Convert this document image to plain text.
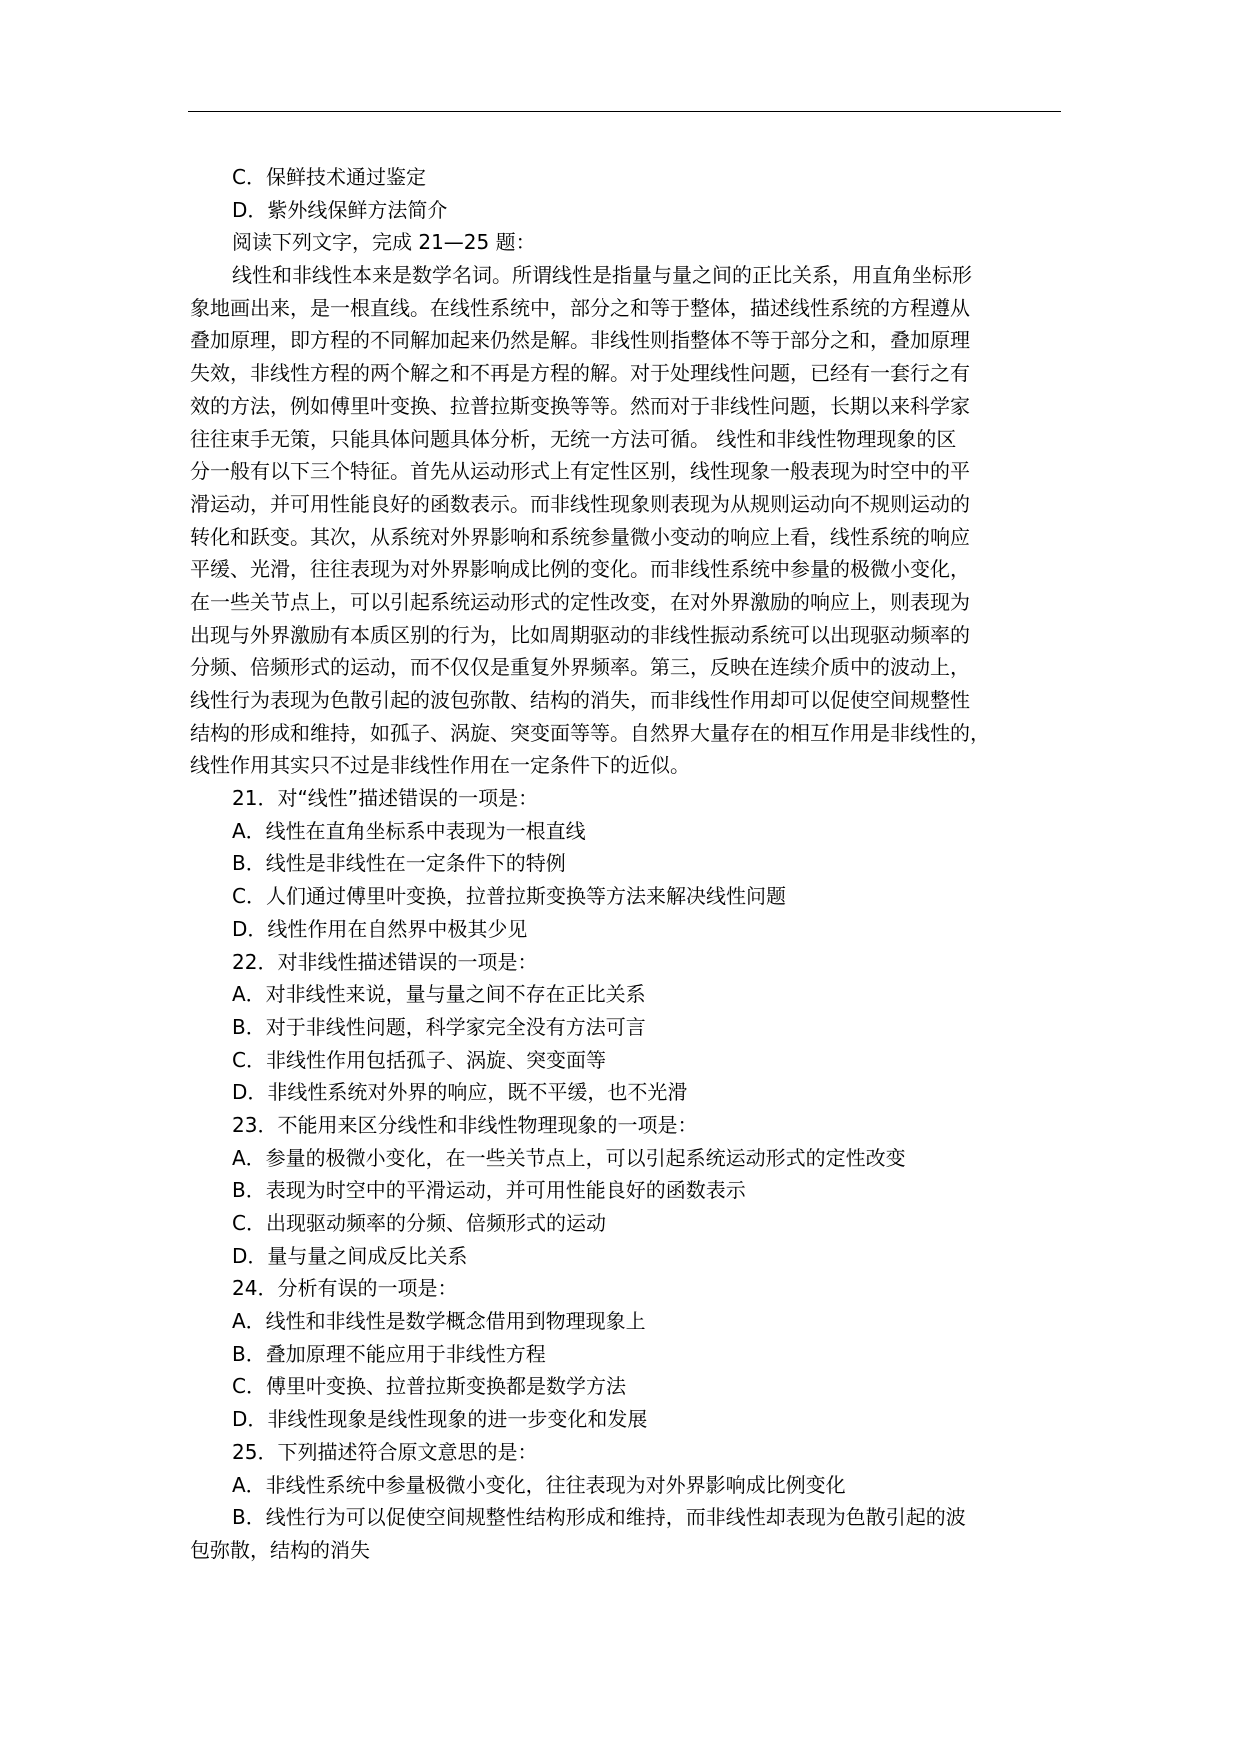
C．保鲜技术通过鉴定
D．紫外线保鲜方法简介
阅读下列文字，完成 21—25 题：
线性和非线性本来是数学名词。所谓线性是指量与量之间的正比关系，用直角坐标形
象地画出来，是一根直线。在线性系统中，部分之和等于整体，描述线性系统的方程遵从
叠加原理，即方程的不同解加起来仍然是解。非线性则指整体不等于部分之和，叠加原理
失效，非线性方程的两个解之和不再是方程的解。对于处理线性问题，已经有一套行之有
效的方法，例如傅里叶变换、拉普拉斯变换等等。然而对于非线性问题，长期以来科学家
往往束手无策，只能具体问题具体分析，无统一方法可循。 线性和非线性物理现象的区
分一般有以下三个特征。首先从运动形式上有定性区别，线性现象一般表现为时空中的平
滑运动，并可用性能良好的函数表示。而非线性现象则表现为从规则运动向不规则运动的
转化和跃变。其次，从系统对外界影响和系统参量微小变动的响应上看，线性系统的响应
平缓、光滑，往往表现为对外界影响成比例的变化。而非线性系统中参量的极微小变化，
在一些关节点上，可以引起系统运动形式的定性改变，在对外界激励的响应上，则表现为
出现与外界激励有本质区别的行为，比如周期驱动的非线性振动系统可以出现驱动频率的
分频、倍频形式的运动，而不仅仅是重复外界频率。第三，反映在连续介质中的波动上，
线性行为表现为色散引起的波包弥散、结构的消失，而非线性作用却可以促使空间规整性
结构的形成和维持，如孤子、涡旋、突变面等等。自然界大量存在的相互作用是非线性的，
线性作用其实只不过是非线性作用在一定条件下的近似。
21．对“线性”描述错误的一项是：
A．线性在直角坐标系中表现为一根直线
B．线性是非线性在一定条件下的特例
C．人们通过傅里叶变换，拉普拉斯变换等方法来解决线性问题
D．线性作用在自然界中极其少见
22．对非线性描述错误的一项是：
A．对非线性来说，量与量之间不存在正比关系
B．对于非线性问题，科学家完全没有方法可言
C．非线性作用包括孤子、涡旋、突变面等
D．非线性系统对外界的响应，既不平缓，也不光滑
23．不能用来区分线性和非线性物理现象的一项是：
A．参量的极微小变化，在一些关节点上，可以引起系统运动形式的定性改变
B．表现为时空中的平滑运动，并可用性能良好的函数表示
C．出现驱动频率的分频、倍频形式的运动
D．量与量之间成反比关系
24．分析有误的一项是：
A．线性和非线性是数学概念借用到物理现象上
B．叠加原理不能应用于非线性方程
C．傅里叶变换、拉普拉斯变换都是数学方法
D．非线性现象是线性现象的进一步变化和发展
25．下列描述符合原文意思的是：
A．非线性系统中参量极微小变化，往往表现为对外界影响成比例变化
B．线性行为可以促使空间规整性结构形成和维持，而非线性却表现为色散引起的波
包弥散，结构的消失
